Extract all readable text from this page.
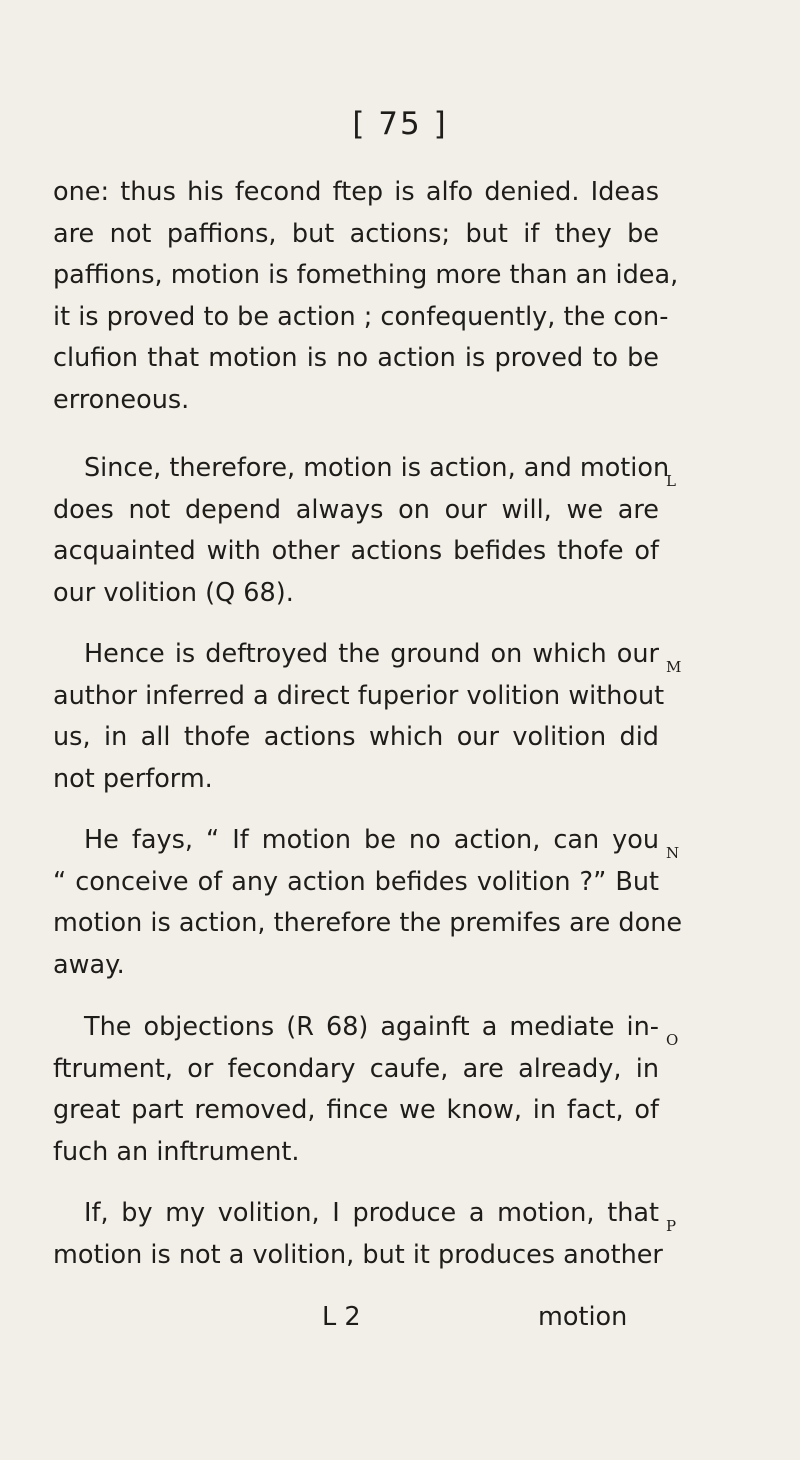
[ 75 ]
one: thus his fecond ftep is alfo denied. Ideas
are not paffions, but actions; but if they be
paffions, motion is fomething more than an idea,
it is proved to be action ; confequently, the con-
clufion that motion is no action is proved to be
erroneous.
L
Since, therefore, motion is action, and motion
does not depend always on our will, we are
acquainted with other actions befides thofe of
our volition (Q 68).
M
Hence is deftroyed the ground on which our
author inferred a direct fuperior volition without
us, in all thofe actions which our volition did
not perform.
N
He fays, “ If motion be no action, can you
“ conceive of any action befides volition ?” But
motion is action, therefore the premifes are done
away.
O
The objections (R 68) againft a mediate in-
ftrument, or fecondary caufe, are already, in
great part removed, fince we know, in fact, of
fuch an inftrument.
P
If, by my volition, I produce a motion, that
motion is not a volition, but it produces another
L 2	motion
